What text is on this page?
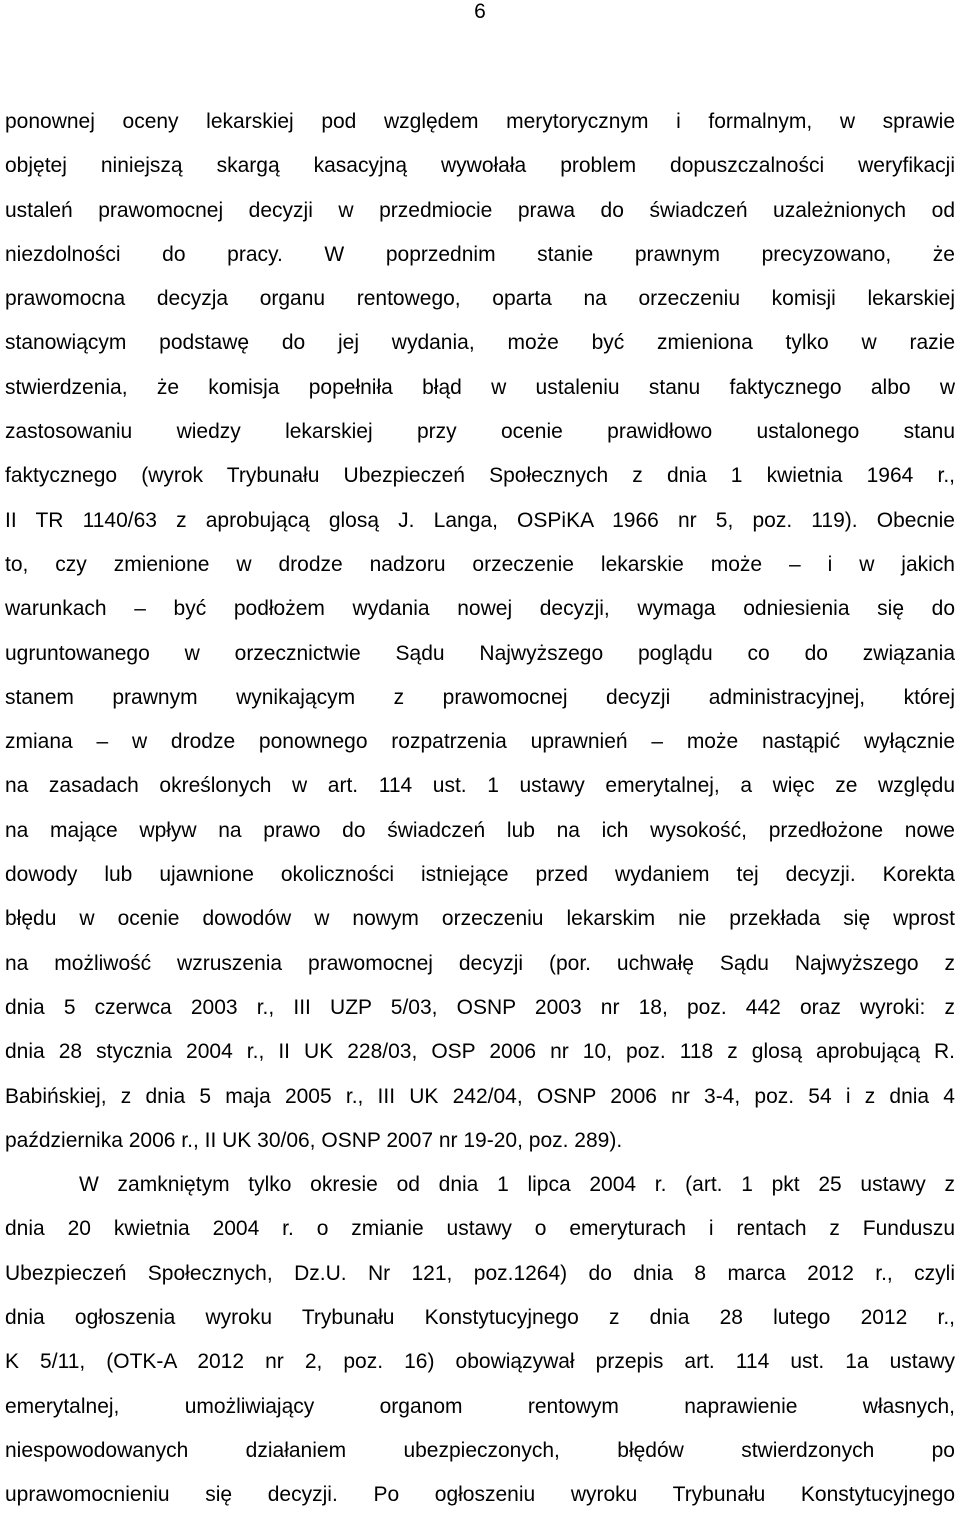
6
ponownej oceny lekarskiej pod względem merytorycznym i formalnym, w sprawie
objętej niniejszą skargą kasacyjną wywołała problem dopuszczalności weryfikacji
ustaleń prawomocnej decyzji w przedmiocie prawa do świadczeń uzależnionych od
niezdolności do pracy. W poprzednim stanie prawnym precyzowano, że
prawomocna decyzja organu rentowego, oparta na orzeczeniu komisji lekarskiej
stanowiącym podstawę do jej wydania, może być zmieniona tylko w razie
stwierdzenia, że komisja popełniła błąd w ustaleniu stanu faktycznego albo w
zastosowaniu wiedzy lekarskiej przy ocenie prawidłowo ustalonego stanu
faktycznego (wyrok Trybunału Ubezpieczeń Społecznych z dnia 1 kwietnia 1964 r.,
II TR 1140/63 z aprobującą glosą J. Langa, OSPiKA 1966 nr 5, poz. 119). Obecnie
to, czy zmienione w drodze nadzoru orzeczenie lekarskie może – i w jakich
warunkach – być podłożem wydania nowej decyzji, wymaga odniesienia się do
ugruntowanego w orzecznictwie Sądu Najwyższego poglądu co do związania
stanem prawnym wynikającym z prawomocnej decyzji administracyjnej, której
zmiana – w drodze ponownego rozpatrzenia uprawnień – może nastąpić wyłącznie
na zasadach określonych w art. 114 ust. 1 ustawy emerytalnej, a więc ze względu
na mające wpływ na prawo do świadczeń lub na ich wysokość, przedłożone nowe
dowody lub ujawnione okoliczności istniejące przed wydaniem tej decyzji. Korekta
błędu w ocenie dowodów w nowym orzeczeniu lekarskim nie przekłada się wprost
na możliwość wzruszenia prawomocnej decyzji (por. uchwałę Sądu Najwyższego z
dnia 5 czerwca 2003 r., III UZP 5/03, OSNP 2003 nr 18, poz. 442 oraz wyroki: z
dnia 28 stycznia 2004 r., II UK 228/03, OSP 2006 nr 10, poz. 118 z glosą aprobującą R.
Babińskiej, z dnia 5 maja 2005 r., III UK 242/04, OSNP 2006 nr 3-4, poz. 54 i z dnia 4
października 2006 r., II UK 30/06, OSNP 2007 nr 19-20, poz. 289).
W zamkniętym tylko okresie od dnia 1 lipca 2004 r. (art. 1 pkt 25 ustawy z
dnia 20 kwietnia 2004 r. o zmianie ustawy o emeryturach i rentach z Funduszu
Ubezpieczeń Społecznych, Dz.U. Nr 121, poz.1264) do dnia 8 marca 2012 r., czyli
dnia ogłoszenia wyroku Trybunału Konstytucyjnego z dnia 28 lutego 2012 r.,
K 5/11, (OTK-A 2012 nr 2, poz. 16) obowiązywał przepis art. 114 ust. 1a ustawy
emerytalnej, umożliwiający organom rentowym naprawienie własnych,
niespowodowanych działaniem ubezpieczonych, błędów stwierdzonych po
uprawomocnieniu się decyzji. Po ogłoszeniu wyroku Trybunału Konstytucyjnego
